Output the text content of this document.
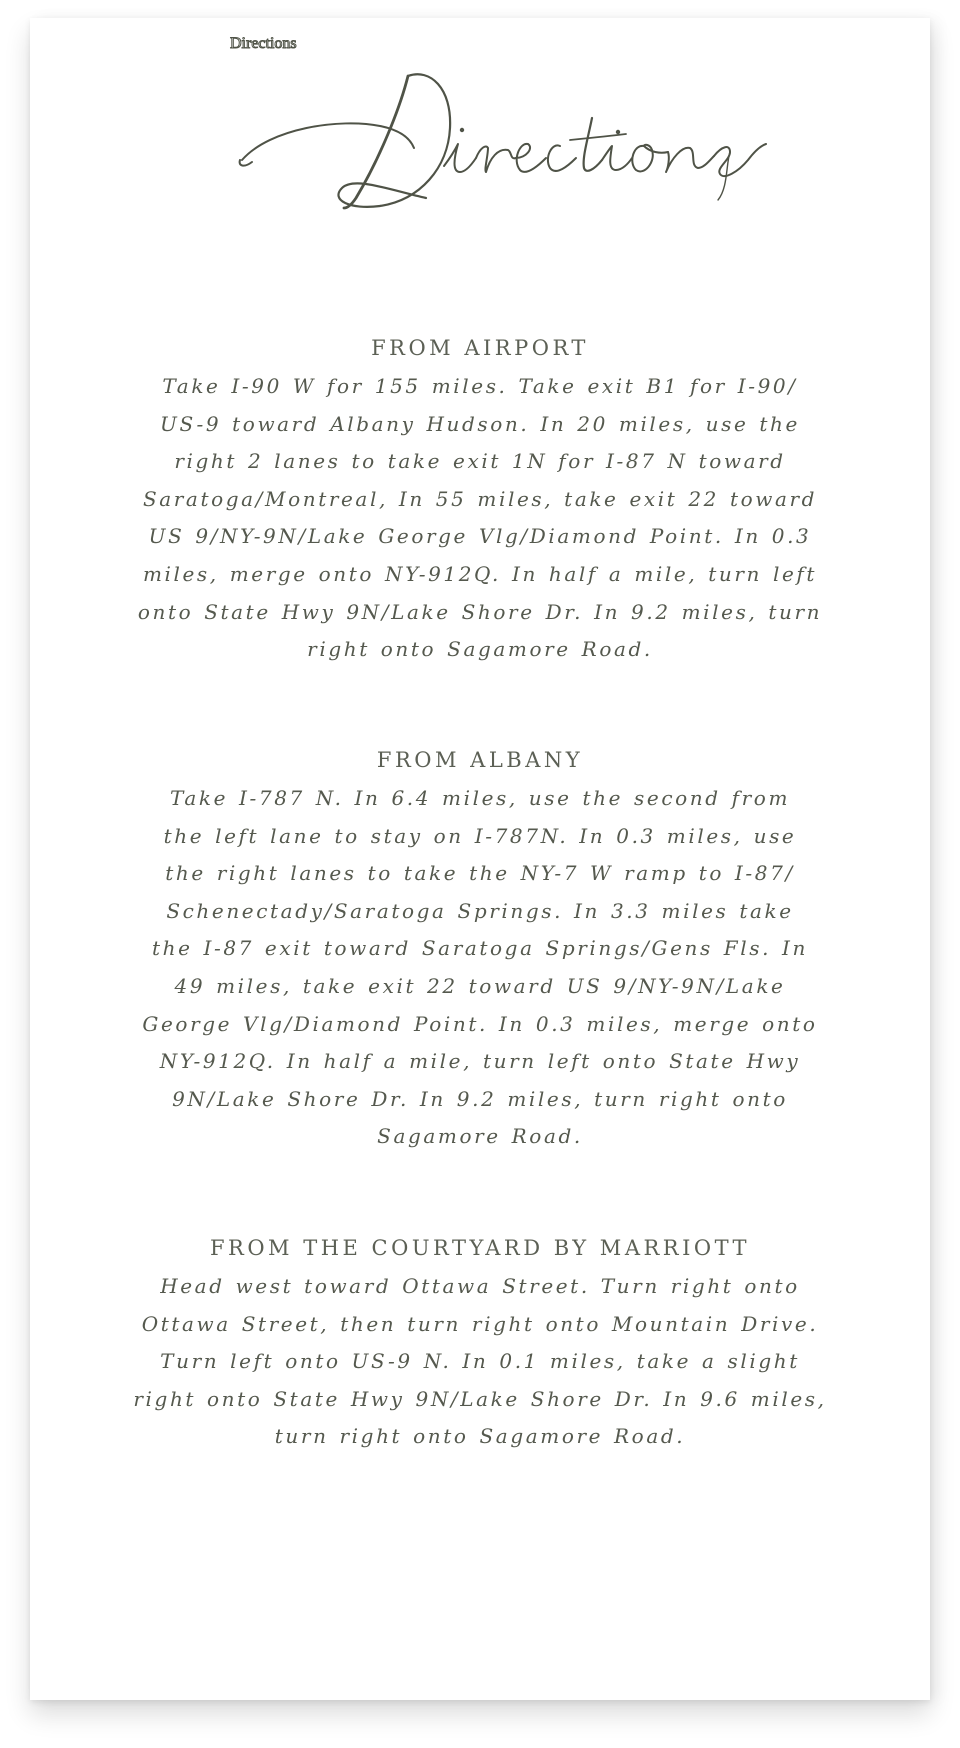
Directions
FROM AIRPORT

Take I-90 W for 155 miles. Take exit B1 for I-90/
US-9 toward Albany Hudson. In 20 miles, use the
right 2 lanes to take exit 1N for I-87 N toward
Saratoga/Montreal, In 55 miles, take exit 22 toward
US 9/NY-9N/Lake George Vlg/Diamond Point. In 0.3
miles, merge onto NY-912Q. In half a mile, turn left
onto State Hwy 9N/Lake Shore Dr. In 9.2 miles, turn
right onto Sagamore Road.

FROM ALBANY

Take I-787 N. In 6.4 miles, use the second from
the left lane to stay on I-787N. In 0.3 miles, use
the right lanes to take the NY-7 W ramp to I-87/
Schenectady/Saratoga Springs. In 3.3 miles take
the I-87 exit toward Saratoga Springs/Gens Fls. In
49 miles, take exit 22 toward US 9/NY-9N/Lake
George Vlg/Diamond Point. In 0.3 miles, merge onto
NY-912Q. In half a mile, turn left onto State Hwy
9N/Lake Shore Dr. In 9.2 miles, turn right onto
Sagamore Road.

FROM THE COURTYARD BY MARRIOTT

Head west toward Ottawa Street. Turn right onto
Ottawa Street, then turn right onto Mountain Drive.
Turn left onto US-9 N. In 0.1 miles, take a slight
right onto State Hwy 9N/Lake Shore Dr. In 9.6 miles,
turn right onto Sagamore Road.
